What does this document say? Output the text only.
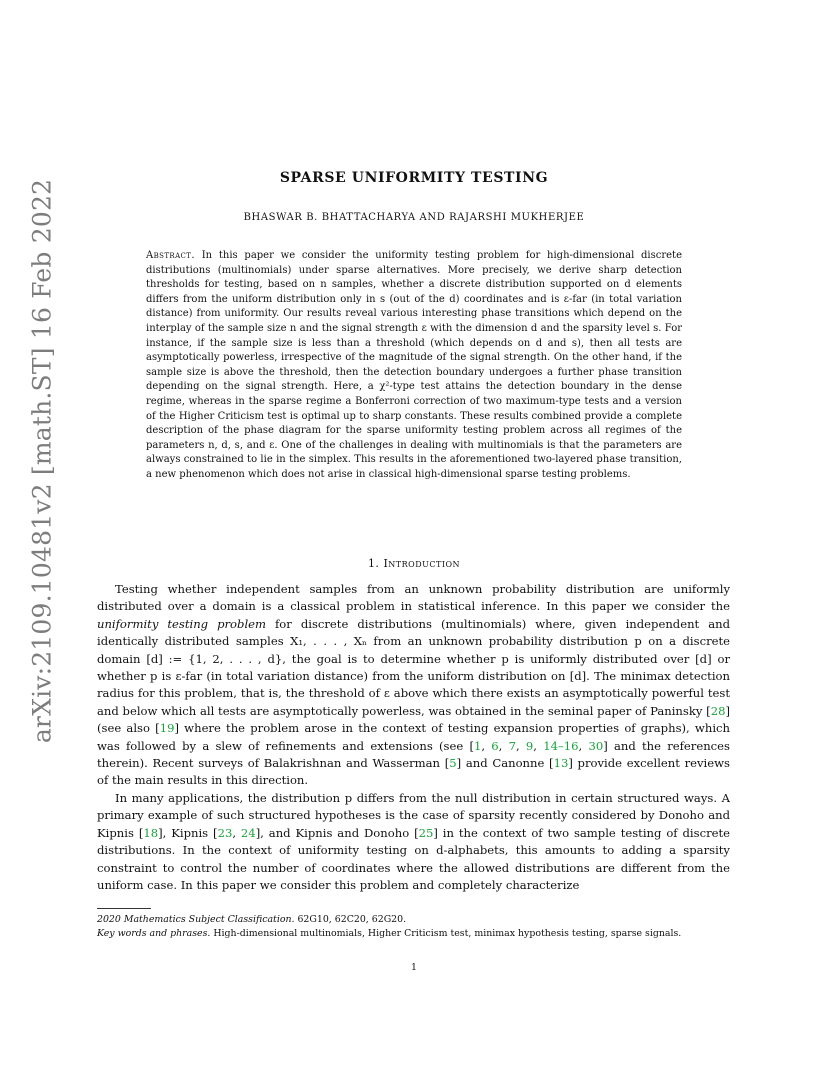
arXiv:2109.10481v2 [math.ST] 16 Feb 2022
SPARSE UNIFORMITY TESTING
BHASWAR B. BHATTACHARYA AND RAJARSHI MUKHERJEE
Abstract. In this paper we consider the uniformity testing problem for high-dimensional discrete distributions (multinomials) under sparse alternatives. More precisely, we derive sharp detection thresholds for testing, based on n samples, whether a discrete distribution supported on d elements differs from the uniform distribution only in s (out of the d) coordinates and is ε-far (in total variation distance) from uniformity. Our results reveal various interesting phase transitions which depend on the interplay of the sample size n and the signal strength ε with the dimension d and the sparsity level s. For instance, if the sample size is less than a threshold (which depends on d and s), then all tests are asymptotically powerless, irrespective of the magnitude of the signal strength. On the other hand, if the sample size is above the threshold, then the detection boundary undergoes a further phase transition depending on the signal strength. Here, a χ²-type test attains the detection boundary in the dense regime, whereas in the sparse regime a Bonferroni correction of two maximum-type tests and a version of the Higher Criticism test is optimal up to sharp constants. These results combined provide a complete description of the phase diagram for the sparse uniformity testing problem across all regimes of the parameters n, d, s, and ε. One of the challenges in dealing with multinomials is that the parameters are always constrained to lie in the simplex. This results in the aforementioned two-layered phase transition, a new phenomenon which does not arise in classical high-dimensional sparse testing problems.
1. Introduction

Testing whether independent samples from an unknown probability distribution are uniformly distributed over a domain is a classical problem in statistical inference. In this paper we consider the uniformity testing problem for discrete distributions (multinomials) where, given independent and identically distributed samples X₁, . . . , Xₙ from an unknown probability distribution p on a discrete domain [d] := {1, 2, . . . , d}, the goal is to determine whether p is uniformly distributed over [d] or whether p is ε-far (in total variation distance) from the uniform distribution on [d]. The minimax detection radius for this problem, that is, the threshold of ε above which there exists an asymptotically powerful test and below which all tests are asymptotically powerless, was obtained in the seminal paper of Paninsky [28] (see also [19] where the problem arose in the context of testing expansion properties of graphs), which was followed by a slew of refinements and extensions (see [1, 6, 7, 9, 14–16, 30] and the references therein). Recent surveys of Balakrishnan and Wasserman [5] and Canonne [13] provide excellent reviews of the main results in this direction.

In many applications, the distribution p differs from the null distribution in certain structured ways. A primary example of such structured hypotheses is the case of sparsity recently considered by Donoho and Kipnis [18], Kipnis [23, 24], and Kipnis and Donoho [25] in the context of two sample testing of discrete distributions. In the context of uniformity testing on d-alphabets, this amounts to adding a sparsity constraint to control the number of coordinates where the allowed distributions are different from the uniform case. In this paper we consider this problem and completely characterize

2020 Mathematics Subject Classification. 62G10, 62C20, 62G20.

Key words and phrases. High-dimensional multinomials, Higher Criticism test, minimax hypothesis testing, sparse signals.

1
